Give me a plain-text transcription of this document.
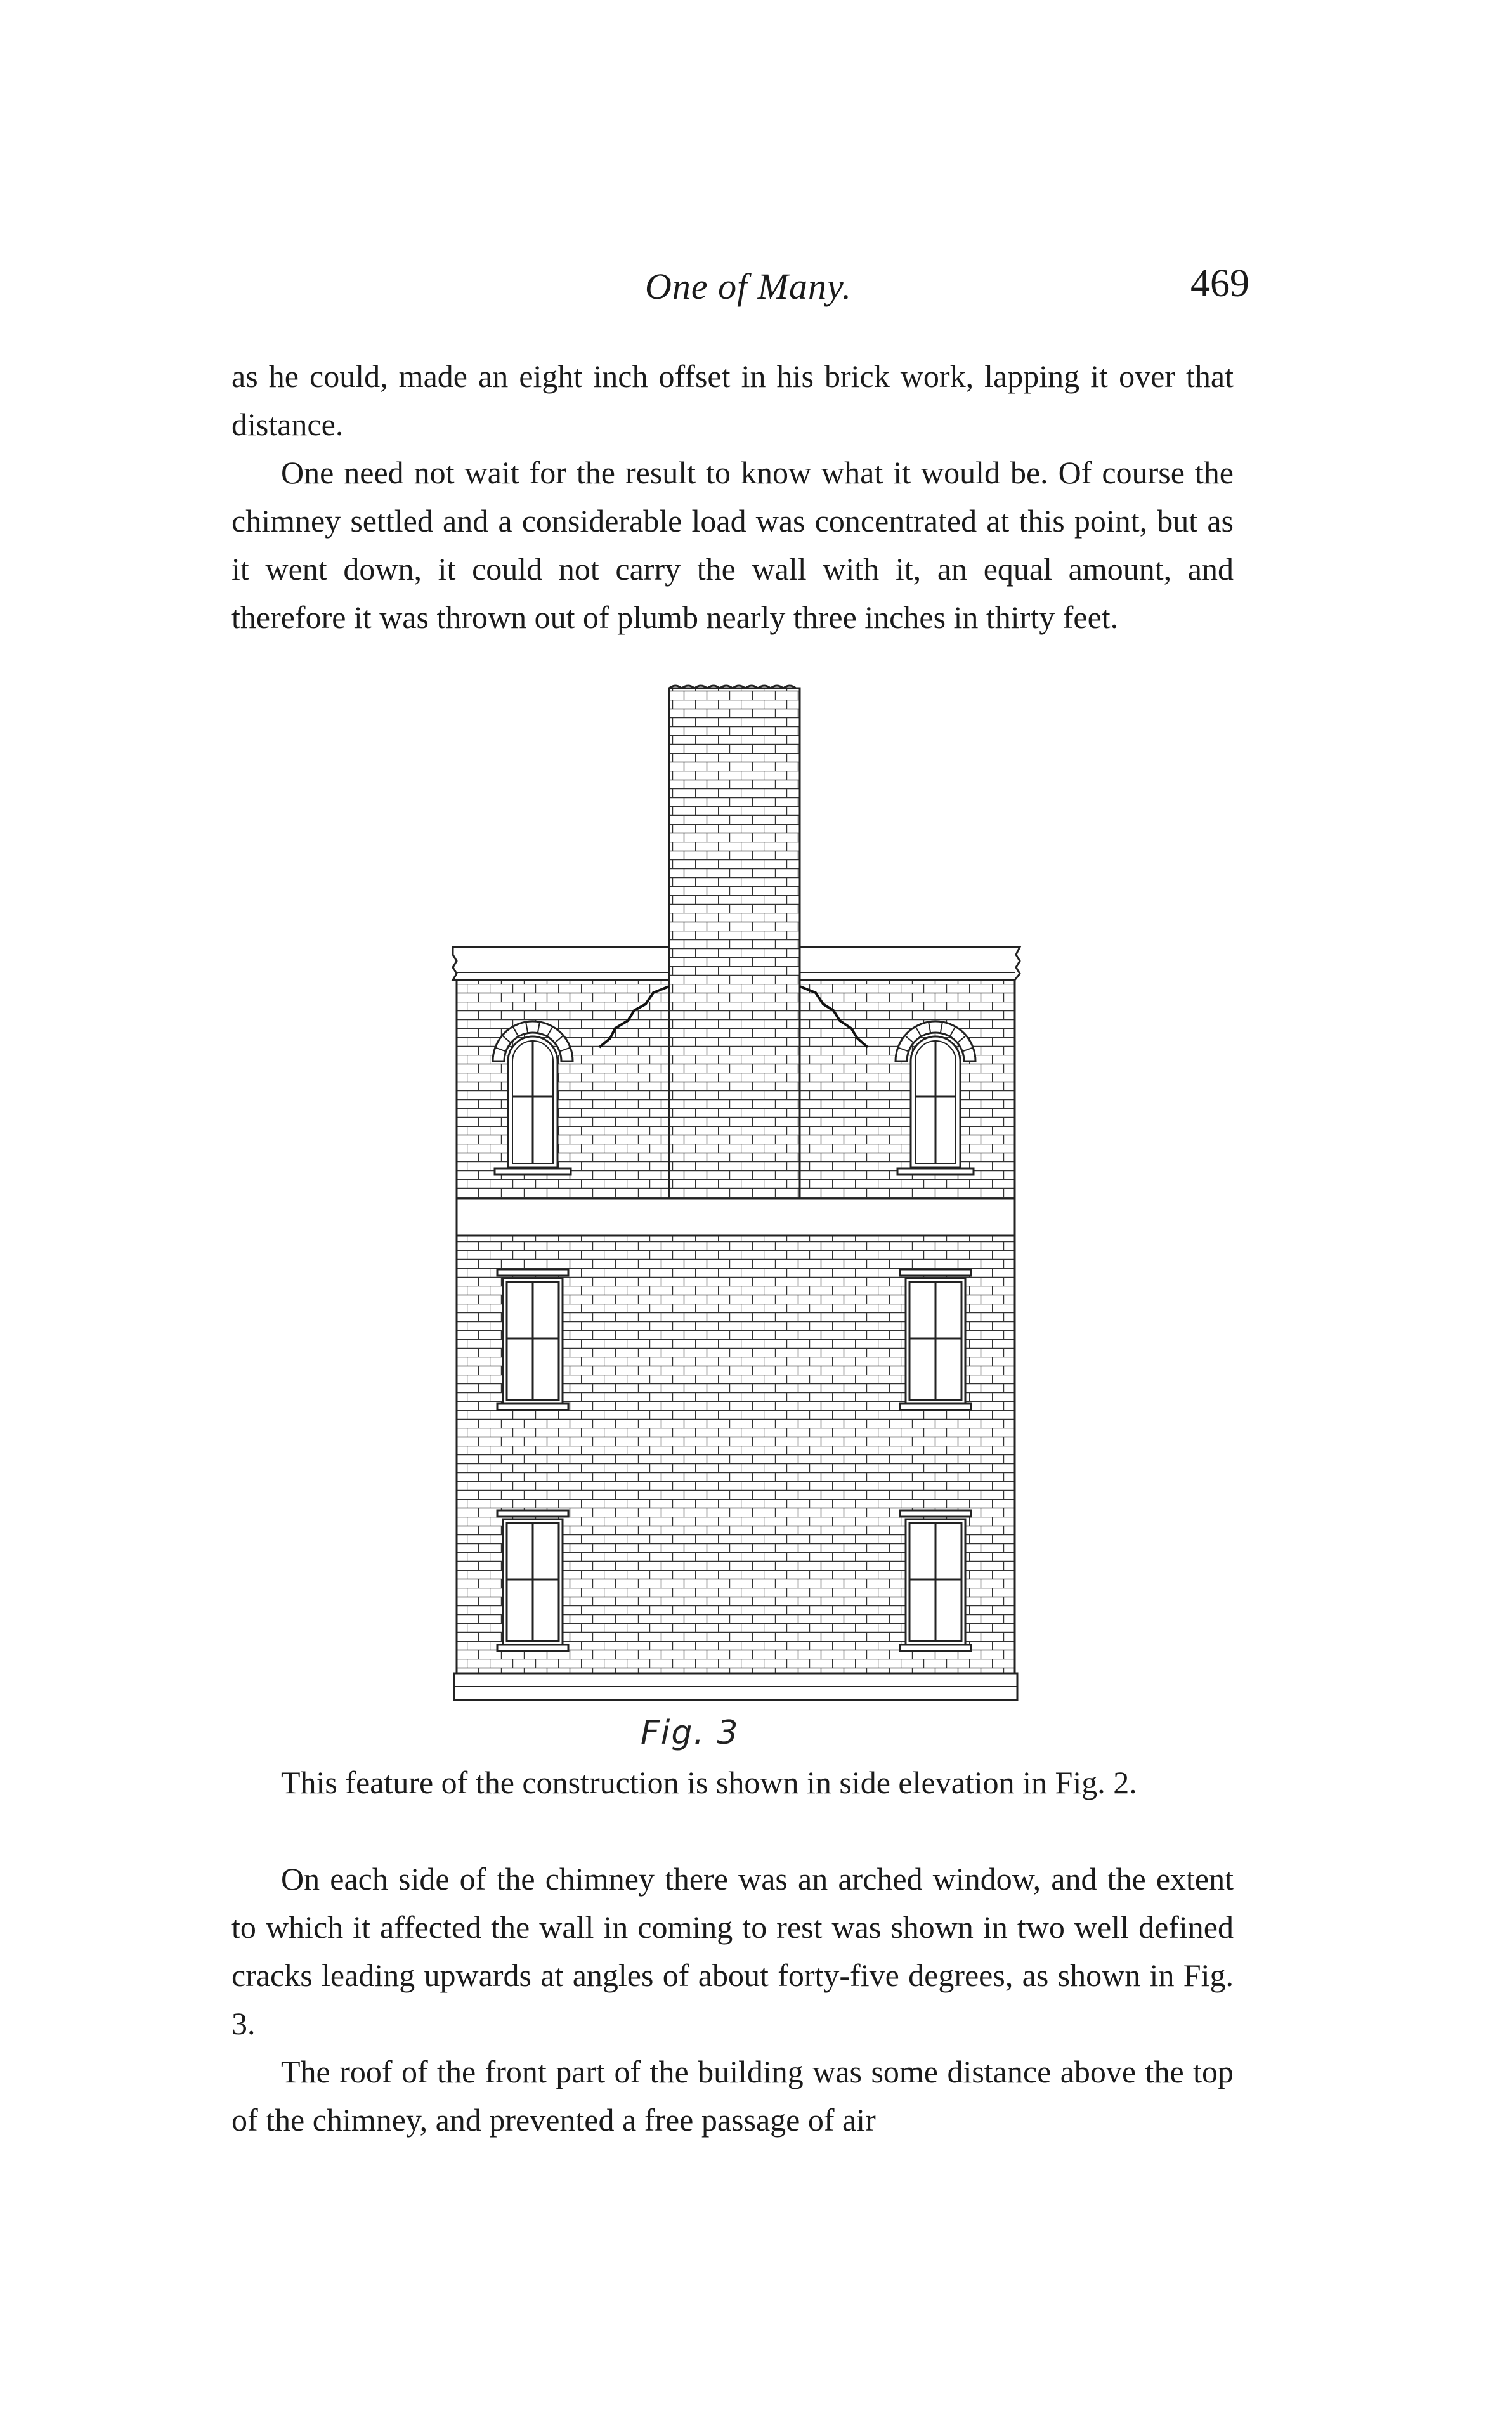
One of Many.	469

as he could, made an eight inch offset in his brick work, lapping it over that distance.

One need not wait for the result to know what it would be. Of course the chimney settled and a considerable load was concentrated at this point, but as it went down, it could not carry the wall with it, an equal amount, and therefore it was thrown out of plumb nearly three inches in thirty feet.

Fig. 3

This feature of the construction is shown in side elevation in Fig. 2.

On each side of the chimney there was an arched window, and the extent to which it affected the wall in coming to rest was shown in two well defined cracks leading upwards at angles of about forty-five degrees, as shown in Fig. 3.

The roof of the front part of the building was some distance above the top of the chimney, and prevented a free passage of air
